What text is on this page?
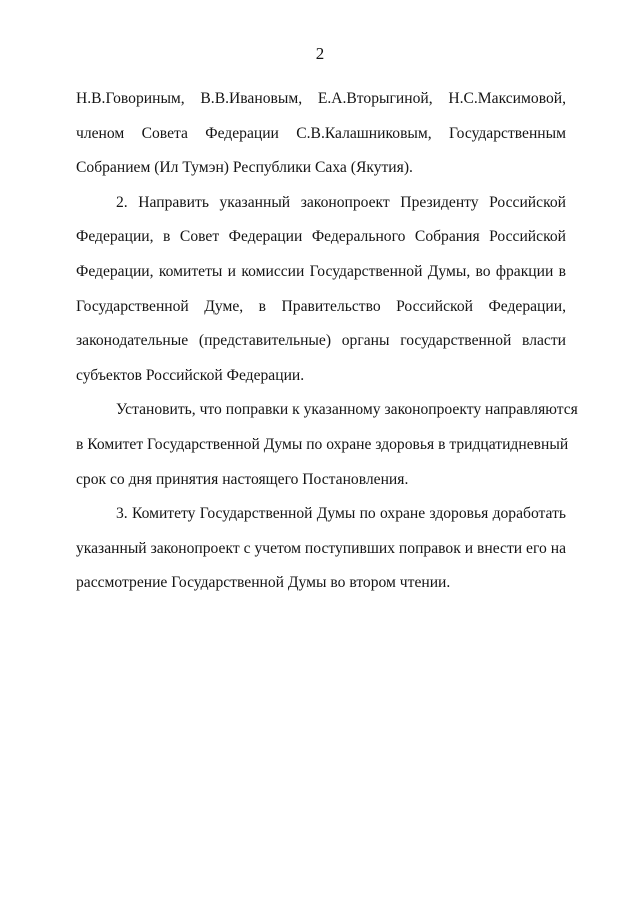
2
Н.В.Говориным, В.В.Ивановым, Е.А.Вторыгиной, Н.С.Максимовой,
членом Совета Федерации С.В.Калашниковым, Государственным
Собранием (Ил Тумэн) Республики Саха (Якутия).
2. Направить указанный законопроект Президенту Российской
Федерации, в Совет Федерации Федерального Собрания Российской
Федерации, комитеты и комиссии Государственной Думы, во фракции в
Государственной Думе, в Правительство Российской Федерации,
законодательные (представительные) органы государственной власти
субъектов Российской Федерации.
Установить, что поправки к указанному законопроекту направляются
в Комитет Государственной Думы по охране здоровья в тридцатидневный
срок со дня принятия настоящего Постановления.
3. Комитету Государственной Думы по охране здоровья доработать
указанный законопроект с учетом поступивших поправок и внести его на
рассмотрение Государственной Думы во втором чтении.
